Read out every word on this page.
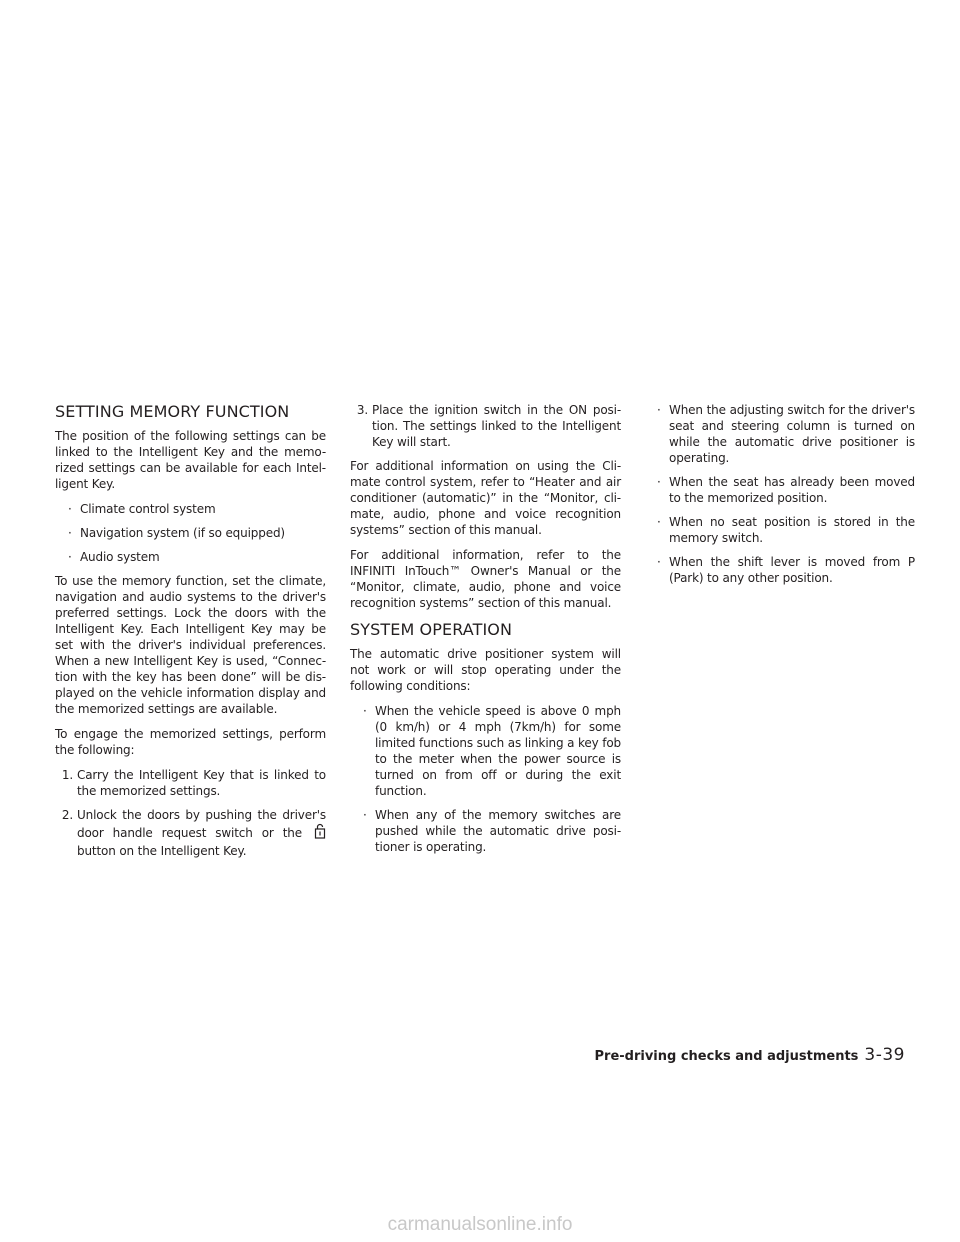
SETTING MEMORY FUNCTION

The position of the following settings can be linked to the Intelligent Key and the memo-rized settings can be available for each Intel-ligent Key.

· Climate control system
· Navigation system (if so equipped)
· Audio system

To use the memory function, set the climate, navigation and audio systems to the driver's preferred settings. Lock the doors with the Intelligent Key. Each Intelligent Key may be set with the driver's individual preferences. When a new Intelligent Key is used, “Connec-tion with the key has been done” will be dis-played on the vehicle information display and the memorized settings are available.

To engage the memorized settings, perform the following:

1. Carry the Intelligent Key that is linked to the memorized settings.
2. Unlock the doors by pushing the driver's door handle request switch or the  button on the Intelligent Key.
3. Place the ignition switch in the ON posi-tion. The settings linked to the Intelligent Key will start.

For additional information on using the Cli-mate control system, refer to “Heater and air conditioner (automatic)” in the “Monitor, cli-mate, audio, phone and voice recognition systems” section of this manual.

For additional information, refer to the INFINITI InTouch™ Owner's Manual or the “Monitor, climate, audio, phone and voice recognition systems” section of this manual.

SYSTEM OPERATION

The automatic drive positioner system will not work or will stop operating under the following conditions:

· When the vehicle speed is above 0 mph (0 km/h) or 4 mph (7km/h) for some limited functions such as linking a key fob to the meter when the power source is turned on from off or during the exit function.
· When any of the memory switches are pushed while the automatic drive posi-tioner is operating.
· When the adjusting switch for the driver's seat and steering column is turned on while the automatic drive positioner is operating.
· When the seat has already been moved to the memorized position.
· When no seat position is stored in the memory switch.
· When the shift lever is moved from P (Park) to any other position.
Pre-driving checks and adjustments 3-39
carmanualsonline.info
